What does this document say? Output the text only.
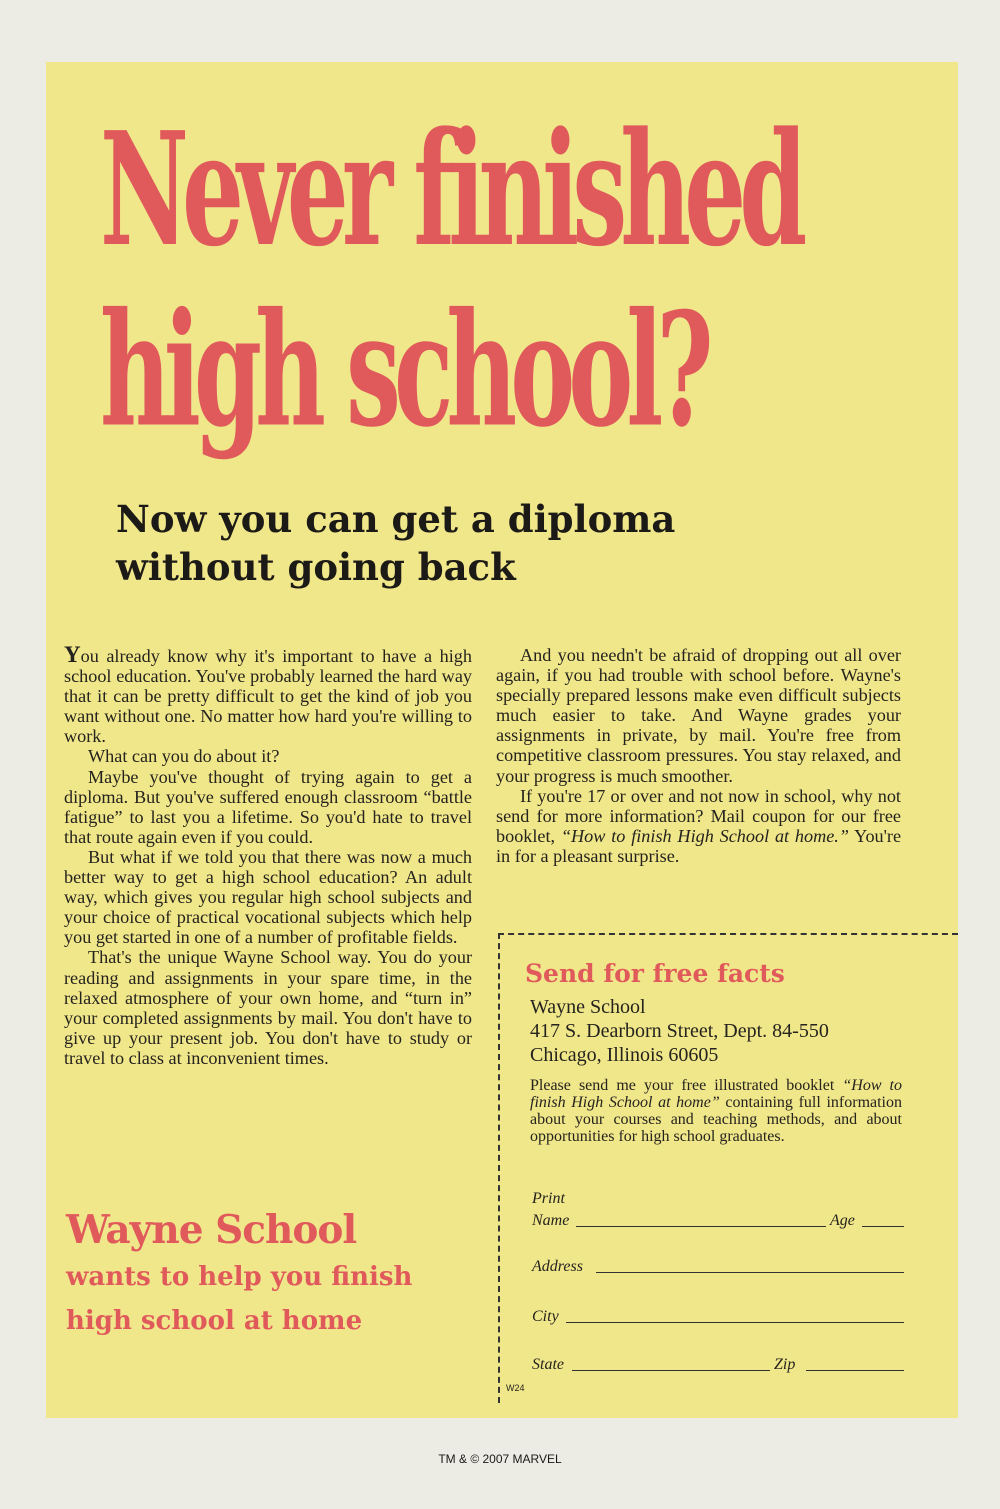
Never finished
high school?
Now you can get a diploma
without going back

You already know why it's important to have a high school education. You've probably learned the hard way that it can be pretty difficult to get the kind of job you want without one. No matter how hard you're willing to work.

What can you do about it?

Maybe you've thought of trying again to get a diploma. But you've suffered enough classroom “battle fatigue” to last you a lifetime. So you'd hate to travel that route again even if you could.

But what if we told you that there was now a much better way to get a high school education? An adult way, which gives you regular high school subjects and your choice of practical vocational subjects which help you get started in one of a number of profitable fields.

That's the unique Wayne School way. You do your reading and assignments in your spare time, in the relaxed atmosphere of your own home, and “turn in” your completed assignments by mail. You don't have to give up your present job. You don't have to study or travel to class at inconvenient times.

And you needn't be afraid of dropping out all over again, if you had trouble with school before. Wayne's specially prepared lessons make even difficult subjects much easier to take. And Wayne grades your assignments in private, by mail. You're free from competitive classroom pressures. You stay relaxed, and your progress is much smoother.

If you're 17 or over and not now in school, why not send for more information? Mail coupon for our free booklet, “How to finish High School at home.” You're in for a pleasant surprise.

Wayne School
wants to help you finish
high school at home
Send for free facts
Wayne School
417 S. Dearborn Street, Dept. 84-550
Chicago, Illinois 60605
Please send me your free illustrated booklet “How to finish High School at home” containing full information about your courses and teaching methods, and about opportunities for high school graduates.
Print
Name	Age
Address
City
State	Zip
W24
TM & © 2007 MARVEL
